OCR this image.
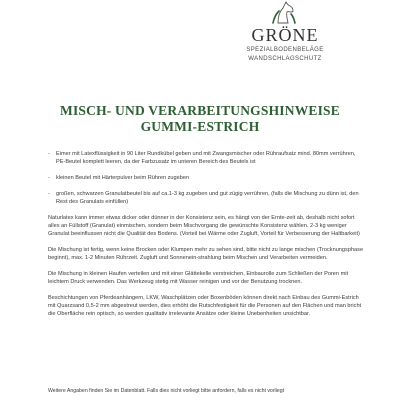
GRÖNE
SPEZIALBODENBELÄGE
WANDSCHLAGSCHUTZ
MISCH- UND VERARBEITUNGSHINWEISE
GUMMI-ESTRICH
- Eimer mit Latexflüssigkeit in 90 Liter Rundkübel geben und mit Zwangsmischer oder Rühraufsatz mind. 80mm verrühren, PE-Beutel komplett leeren, da der Farbzusatz im unteren Bereich des Beutels ist
- kleinen Beutel mit Härterpulver beim Rühren zugeben
- großen, schwarzen Granulatbeutel bis auf ca.1-3 kg zugeben und gut zügig verrühren, (falls die Mischung zu dünn ist, den Rest des Granulats einfüllen)

Naturlatex kann immer etwas dicker oder dünner in der Konsistenz sein, es hängt von der Ernte-zeit ab, deshalb nicht sofort alles an Füllstoff (Granulat) einmischen, sondern beim Mischvorgang die gewünschte Konsistenz wählen. 2-3 kg weniger Granulat beeinflussen nicht die Qualität des Bodens. (Vorteil bei Wärme oder Zugluft, Vorteil für Verbesserung der Haltbarkeit)

Die Mischung ist fertig, wenn keine Brocken oder Klumpen mehr zu sehen sind, bitte nicht zu lange mischen (Trocknungsphase beginnt), max. 1-2 Minuten Rührzeit. Zugluft und Sonnenein-strahlung beim Mischen und Verarbeiten vermeiden.

Die Mischung in kleinen Haufen verteilen und mit einer Glättekelle verstreichen, Einbaurolle zum Schließen der Poren mit leichtem Druck verwenden. Das Werkzeug stetig mit Wasser reinigen und vor der Benutzung trocknen.

Beschichtungen von Pferdeanhängern, LKW, Waschplätzen oder Boxenböden können direkt nach Einbau des Gummi-Estrich mit Quarzsand 0,5-2 mm abgestreut werden, dies erhöht die Rutschfestigkeit für die Personen auf den Flächen und man bricht die Oberfläche rein optisch, so werden qualitativ irrelevante Ansätze oder kleine Unebenheiten unsichtbar.

Weitere Angaben finden Sie im Datenblatt. Falls dies nicht vorliegt bitte anfordern, falls es nicht vorliegt
